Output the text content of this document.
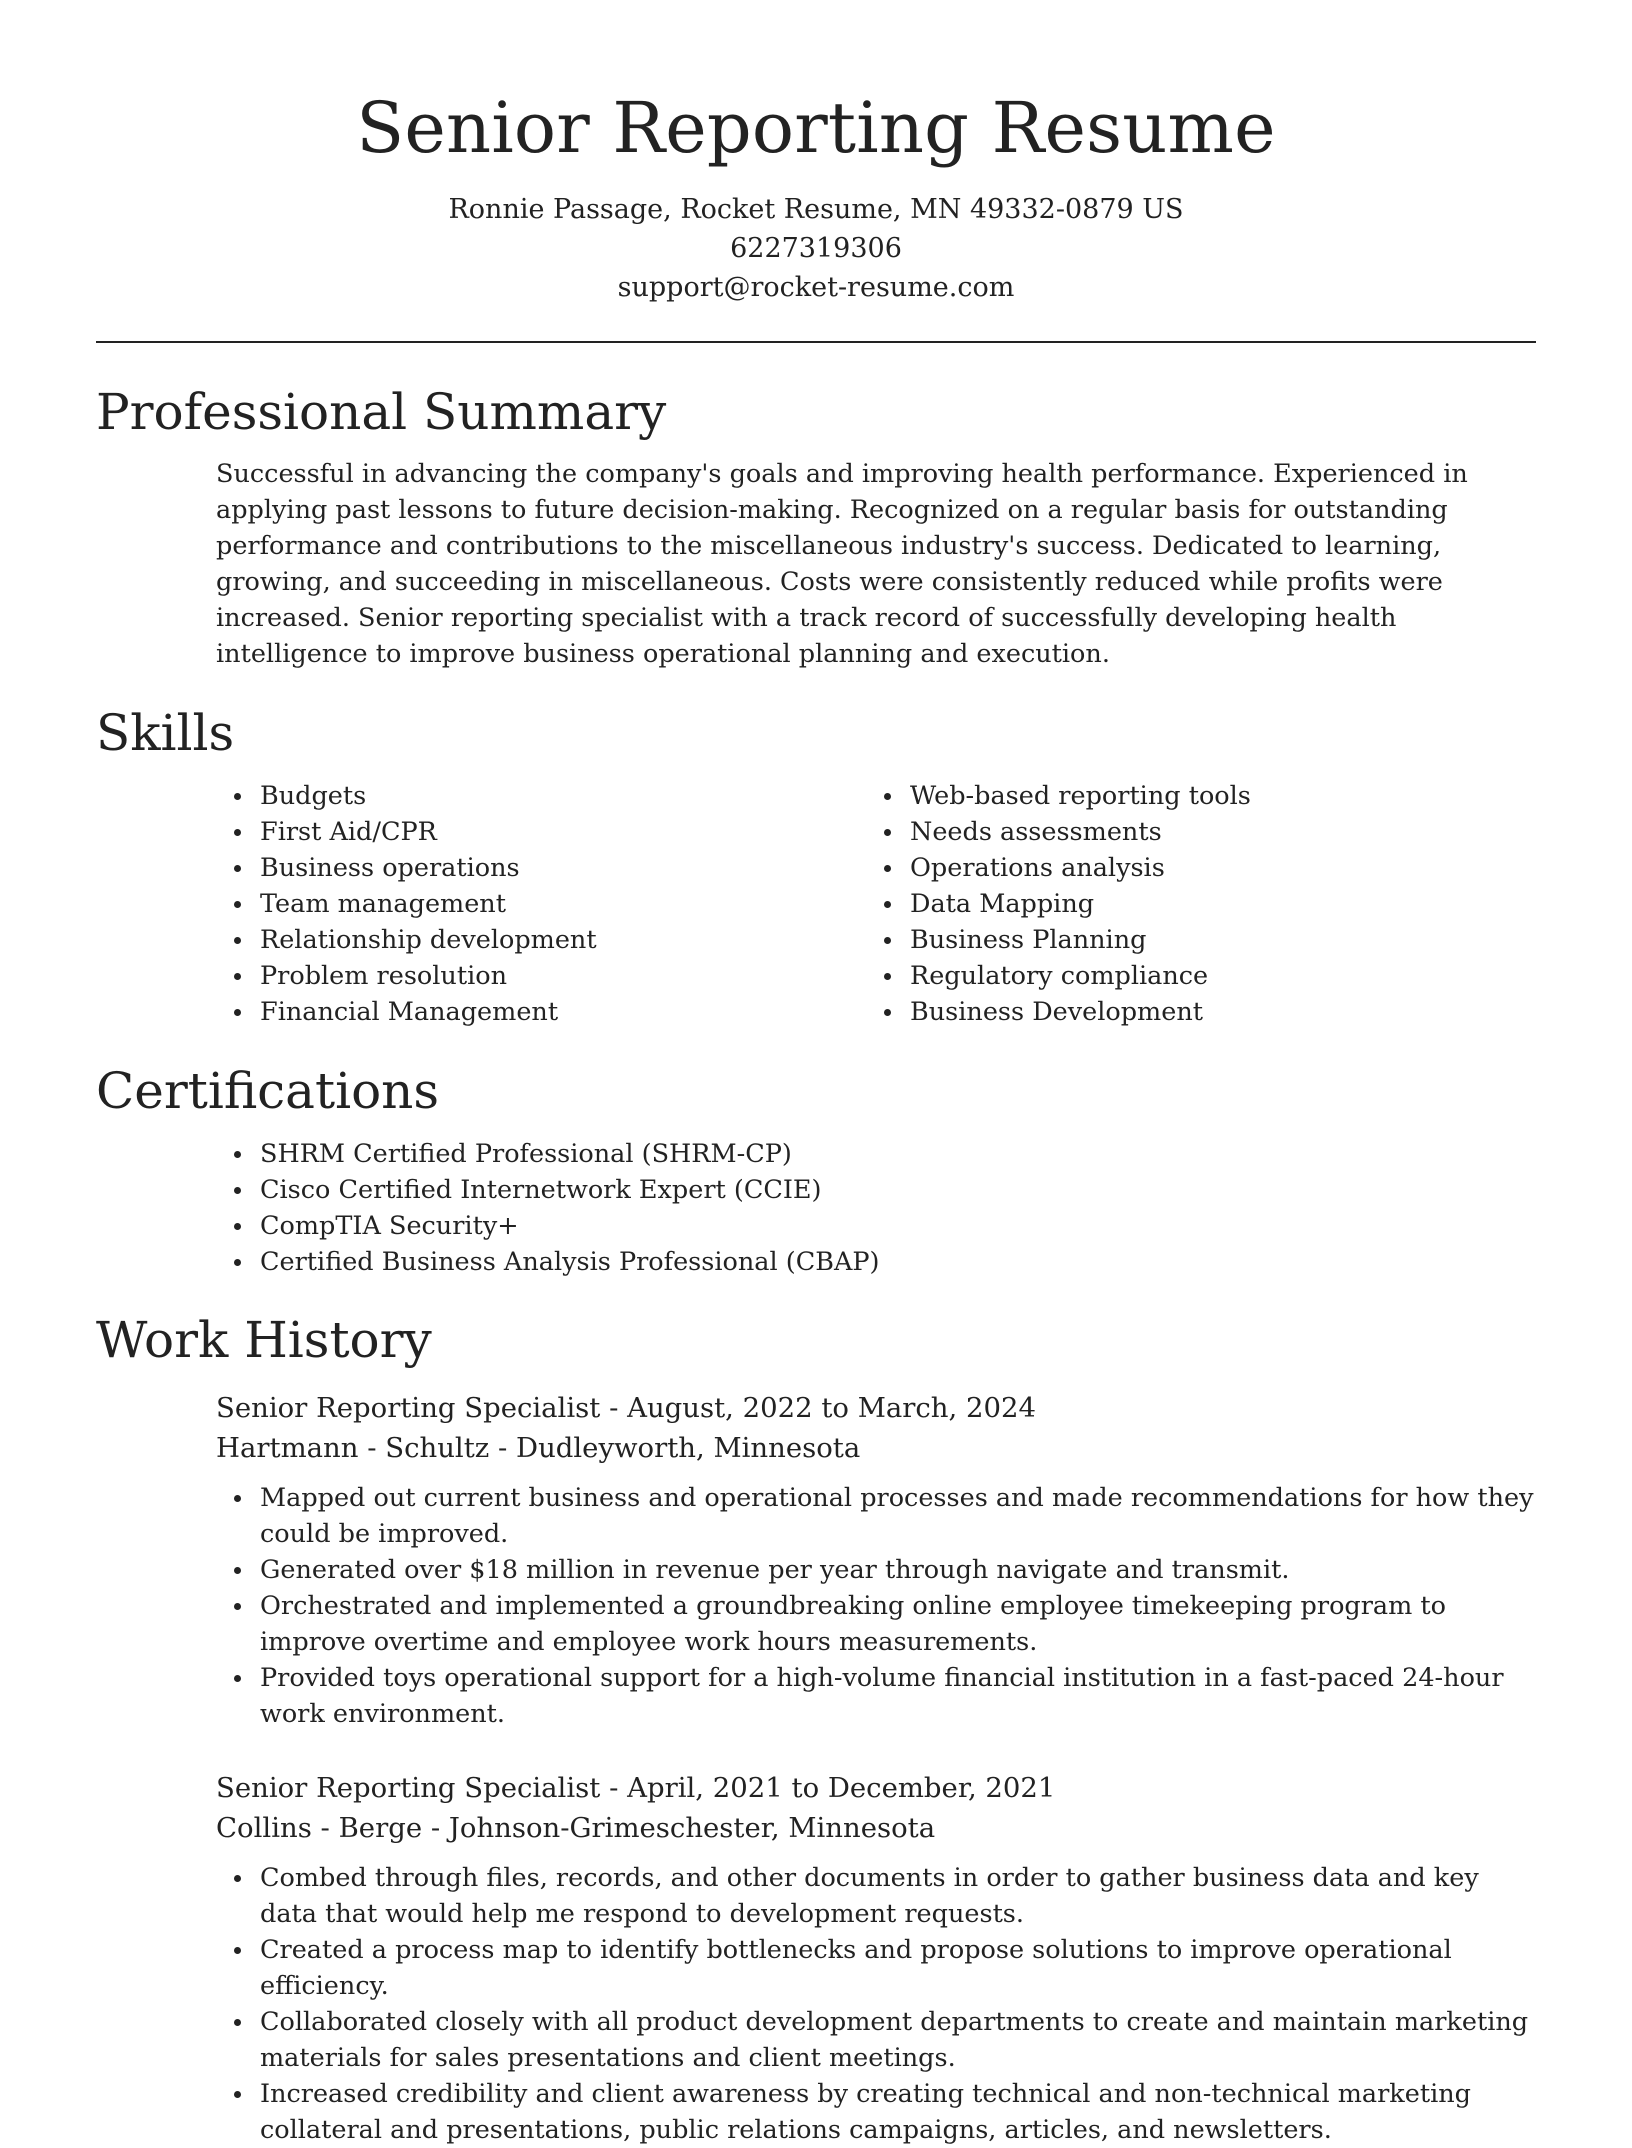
Senior Reporting Resume
Ronnie Passage, Rocket Resume, MN 49332-0879 US
6227319306
support@rocket-resume.com
Professional Summary

Successful in advancing the company's goals and improving health performance. Experienced in applying past lessons to future decision-making. Recognized on a regular basis for outstanding performance and contributions to the miscellaneous industry's success. Dedicated to learning, growing, and succeeding in miscellaneous. Costs were consistently reduced while profits were increased. Senior reporting specialist with a track record of successfully developing health intelligence to improve business operational planning and execution.

Skills
Budgets
First Aid/CPR
Business operations
Team management
Relationship development
Problem resolution
Financial Management
Web-based reporting tools
Needs assessments
Operations analysis
Data Mapping
Business Planning
Regulatory compliance
Business Development
Certifications
SHRM Certified Professional (SHRM-CP)
Cisco Certified Internetwork Expert (CCIE)
CompTIA Security+
Certified Business Analysis Professional (CBAP)
Work History
Senior Reporting Specialist - August, 2022 to March, 2024
Hartmann - Schultz - Dudleyworth, Minnesota
Mapped out current business and operational processes and made recommendations for how they could be improved.
Generated over $18 million in revenue per year through navigate and transmit.
Orchestrated and implemented a groundbreaking online employee timekeeping program to improve overtime and employee work hours measurements.
Provided toys operational support for a high-volume financial institution in a fast-paced 24-hour work environment.
Senior Reporting Specialist - April, 2021 to December, 2021
Collins - Berge - Johnson-Grimeschester, Minnesota
Combed through files, records, and other documents in order to gather business data and key data that would help me respond to development requests.
Created a process map to identify bottlenecks and propose solutions to improve operational efficiency.
Collaborated closely with all product development departments to create and maintain marketing materials for sales presentations and client meetings.
Increased credibility and client awareness by creating technical and non-technical marketing collateral and presentations, public relations campaigns, articles, and newsletters.
